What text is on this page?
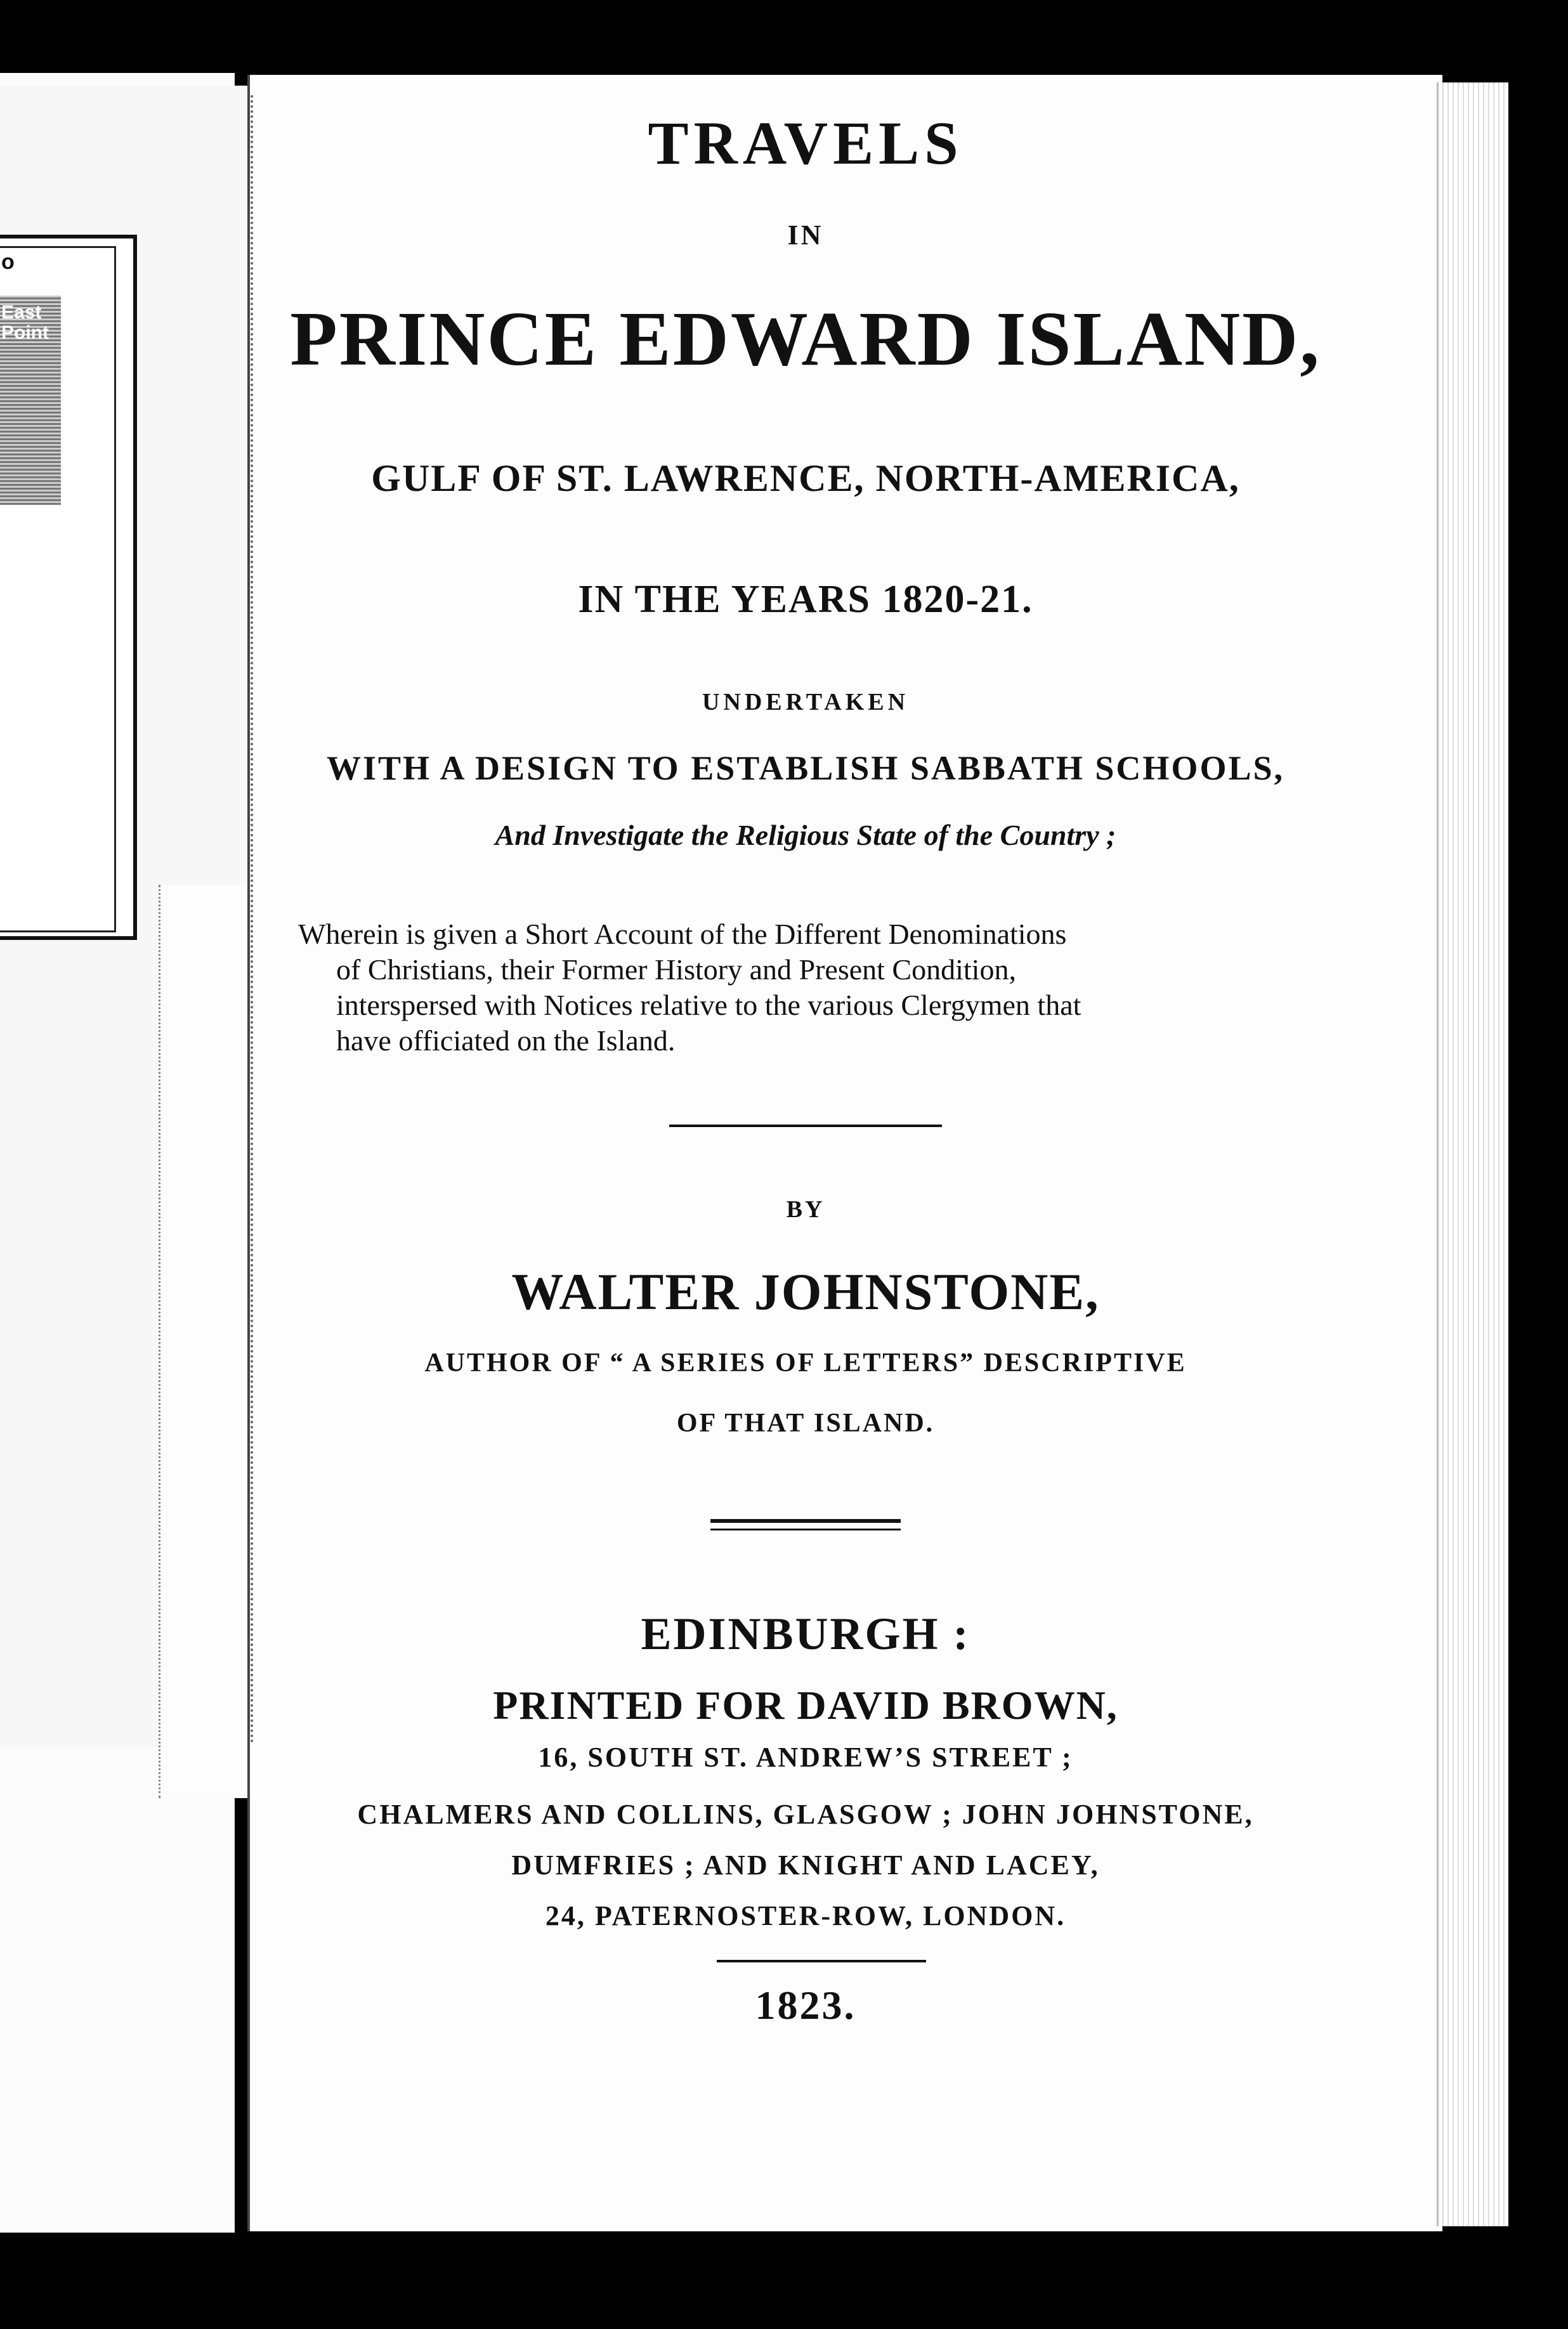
o
East
Point
TRAVELS
IN
PRINCE EDWARD ISLAND,
GULF OF ST. LAWRENCE, NORTH-AMERICA,
IN THE YEARS 1820-21.
UNDERTAKEN
WITH A DESIGN TO ESTABLISH SABBATH SCHOOLS,
And Investigate the Religious State of the Country ;
Wherein is given a Short Account of the Different Denominations
of Christians, their Former History and Present Condition,
interspersed with Notices relative to the various Clergymen that
have officiated on the Island.
BY
WALTER JOHNSTONE,
AUTHOR OF “ A SERIES OF LETTERS” DESCRIPTIVE
OF THAT ISLAND.
EDINBURGH :
PRINTED FOR DAVID BROWN,
16, SOUTH ST. ANDREW’S STREET ;
CHALMERS AND COLLINS, GLASGOW ; JOHN JOHNSTONE,
DUMFRIES ; AND KNIGHT AND LACEY,
24, PATERNOSTER-ROW, LONDON.
1823.
